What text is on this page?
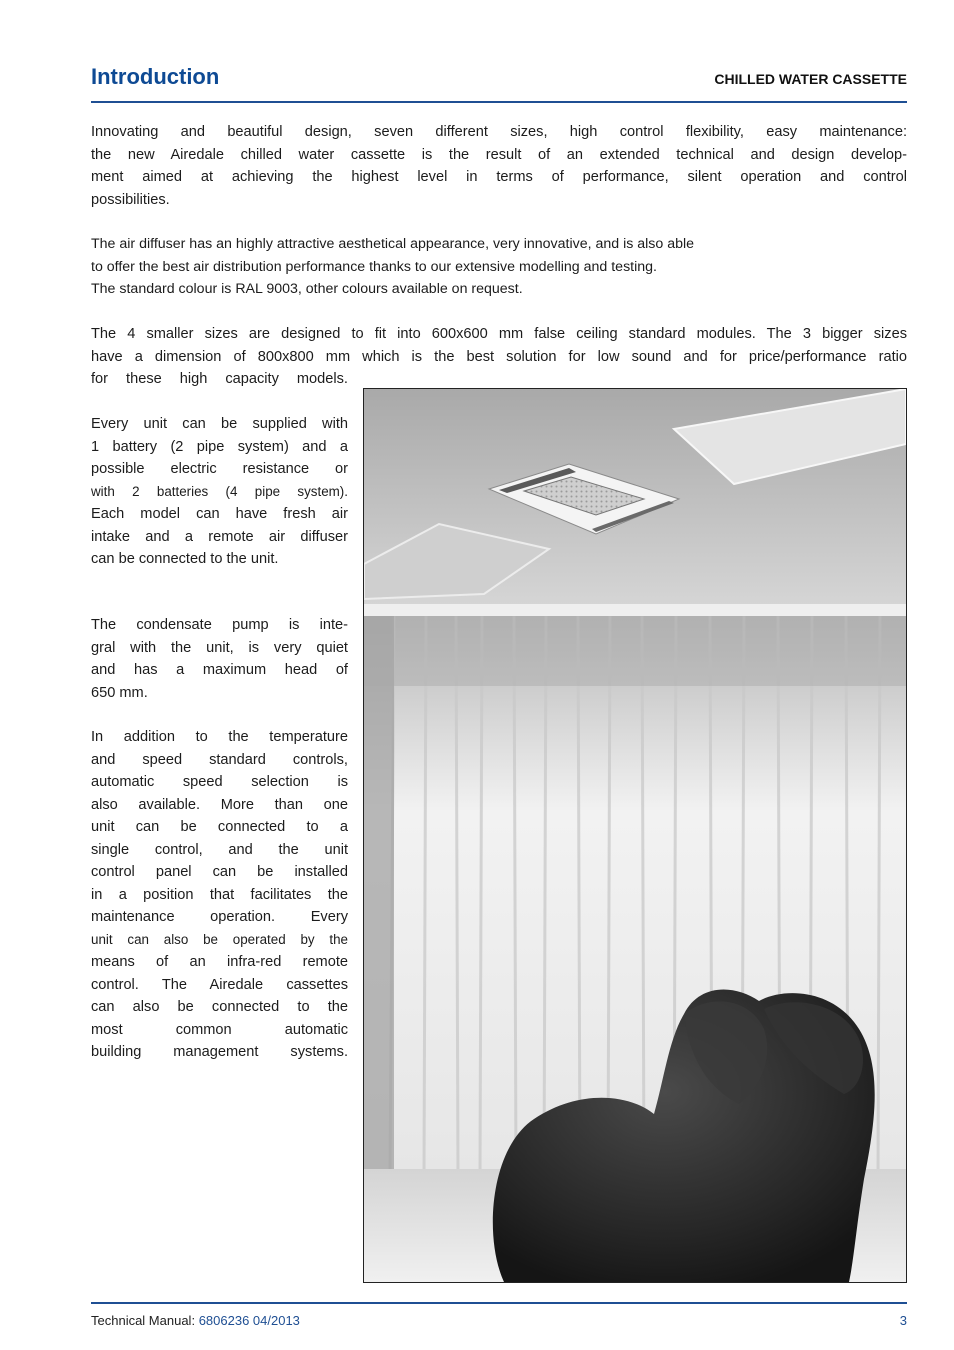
Introduction	CHILLED WATER CASSETTE
Innovating and beautiful design, seven different sizes, high control flexibility, easy maintenance:
the new Airedale chilled water cassette is the result of an extended technical and design develop-
ment aimed at achieving the highest level in terms of performance, silent operation and control
possibilities.
The air diffuser has an highly attractive aesthetical appearance, very innovative, and is also able
to offer the best air distribution performance thanks to our extensive modelling and testing.
The standard colour is RAL 9003, other colours available on request.
The 4 smaller sizes are designed to fit into 600x600 mm false ceiling standard modules. The 3 bigger sizes
have a dimension of 800x800 mm which is the best solution for low sound and for price/performance ratio
for these high capacity models.
Every unit can be supplied with
1 battery (2 pipe system) and a
possible electric resistance or
with 2 batteries (4 pipe system).
Each model can have fresh air
intake and a remote air diffuser
can be connected to the unit.
The condensate pump is inte-
gral with the unit, is very quiet
and has a maximum head of
650 mm.
In addition to the temperature
and speed standard controls,
automatic speed selection is
also available. More than one
unit can be connected to a
single control, and the unit
control panel can be installed
in a position that facilitates the
maintenance operation. Every
unit can also be operated by the
means of an infra-red remote
control. The Airedale cassettes
can also be connected to the
most common automatic
building management systems.
Technical Manual: 6806236 04/2013	3
